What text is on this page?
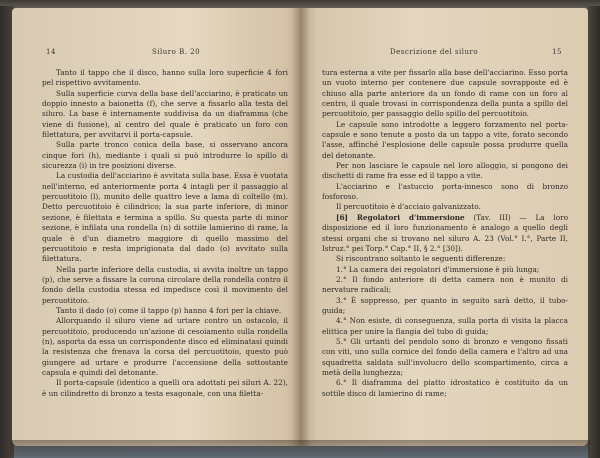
14	Siluro B. 20

Tanto il tappo che il disco, hanno sulla loro superficie 4 fori pel rispettivo avvitamento.

Sulla superficie curva della base dell'acciarino, è praticato un doppio innesto a baionetta (f), che serve a fissarlo alla testa del siluro. La base è internamente suddivisa da un diaframma (che viene di fusione), al centro del quale è praticato un foro con filettatura, per avvitarvi il porta-capsule.

Sulla parte tronco conica della base, si osservano ancora cinque fori (h), mediante i quali si può introdurre lo spillo di sicurezza (i) in tre posizioni diverse.

La custodia dell'acciarino è avvitata sulla base. Essa è vuotata nell'interno, ed anteriormente porta 4 intagli per il passaggio al percuotitoio (l), munito delle quattro leve a lama di coltello (m). Detto percuotitoio è cilindrico; la sua parte inferiore, di minor sezione, è filettata e termina a spillo. Su questa parte di minor sezione, è infilata una rondella (n) di sottile lamierino di rame, la quale è d'un diametro maggiore di quello massimo del percuotitoio e resta imprigionata dal dado (o) avvitato sulla filettatura.

Nella parte inferiore della custodia, si avvita inoltre un tappo (p), che serve a fissare la corona circolare della rondella contro il fondo della custodia stessa ed impedisce così il movimento del percuotitoio.

Tanto il dado (o) come il tappo (p) hanno 4 fori per la chiave.

Allorquando il siluro viene ad urtare contro un ostacolo, il percuotitoio, producendo un'azione di cesoiamento sulla rondella (n), asporta da essa un corrispondente disco ed eliminatasi quindi la resistenza che frenava la corsa del percuotitoio, questo può giungere ad urtare e produrre l'accensione della sottostante capsula e quindi del detonante.

Il porta-capsule (identico a quelli ora adottati pei siluri A. 22), è un cilindretto di bronzo a testa esagonale, con una filetta-

Descrizione del siluro	15

tura esterna a vite per fissarlo alla base dell'acciarino. Esso porta un vuoto interno per contenere due capsule sovrapposte ed è chiuso alla parte anteriore da un fondo di rame con un foro al centro, il quale trovasi in corrispondenza della punta a spillo del percuotitoio, per passaggio dello spillo del percuotitoio.

Le capsule sono introdotte a leggero forzamento nel porta-capsule e sono tenute a posto da un tappo a vite, forato secondo l'asse, affinché l'esplosione delle capsule possa produrre quella del detonante.

Per non lasciare le capsule nel loro alloggio, si pongono dei dischetti di rame fra esse ed il tappo a vite.

L'acciarino e l'astuccio porta-innesco sono di bronzo fosforoso.

Il percuotitoio è d'acciaio galvanizzato.

[6] Regolatori d'immersione (Tav. III) — La loro disposizione ed il loro funzionamento è analogo a quello degli stessi organi che si trovano nel siluro A. 23 (Vol.° I.°, Parte II, Istruz.° pei Torp.° Cap.° II, § 2.° [30]).

Si riscontrano soltanto le seguenti differenze:

1.° La camera dei regolatori d'immersione è più lunga;

2.° Il fondo anteriore di detta camera non è munito di nervature radicali;

3.° È soppresso, per quanto in seguito sarà detto, il tubo-guida;

4.° Non esiste, di conseguenza, sulla porta di visita la placca elittica per unire la flangia del tubo di guida;

5.° Gli urtanti del pendolo sono di bronzo e vengono fissati con viti, uno sulla cornice del fondo della camera e l'altro ad una squadretta saldata sull'involucro dello scompartimento, circa a metà della lunghezza;

6.° Il diaframma del piatto idrostatico è costituito da un sottile disco di lamierino di rame;
